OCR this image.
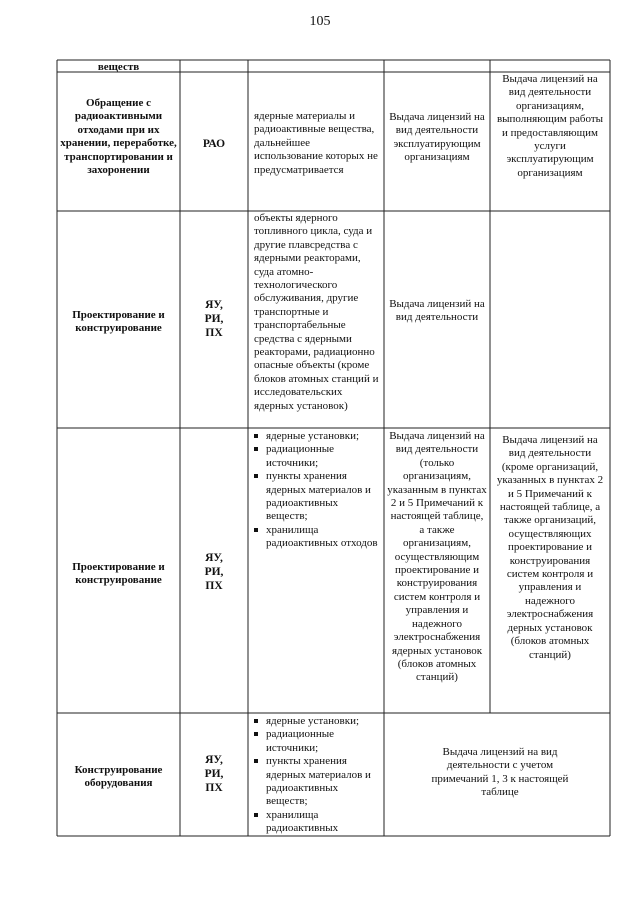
105
веществ
Обращение с радиоактивными отходами при их хранении, переработке, транспортировании и захоронении
РАО
ядерные материалы и радиоактивные вещества, дальнейшее использование которых не предусматривается
Выдача лицензий на вид деятельности эксплуатирующим организациям
Выдача лицензий на вид деятельности организациям, выполняющим работы и предоставляющим услуги эксплуатирующим организациям
Проектирование и конструирование
ЯУ,
РИ,
ПХ
объекты ядерного топливного цикла, суда и другие плавсредства с ядерными реакторами, суда атомно-технологического обслуживания, другие транспортные и транспортабельные средства с ядерными реакторами, радиационно опасные объекты (кроме блоков атомных станций и исследовательских ядерных установок)
Выдача лицензий на вид деятельности
Проектирование и конструирование
ЯУ,
РИ,
ПХ
ядерные установки;
радиационные источники;
пункты хранения ядерных материалов и радиоактивных веществ;
хранилища радиоактивных отходов
Выдача лицензий на вид деятельности (только организациям, указанным в пунктах 2 и 5 Примечаний к настоящей таблице, а также организациям, осуществляющим проектирование и конструирования систем контроля и управления и надежного электроснабжения ядерных установок (блоков атомных станций)
Выдача лицензий на вид деятельности (кроме организаций, указанных в пунктах 2 и 5 Примечаний к настоящей таблице, а также организаций, осуществляющих проектирование и конструирования систем контроля и управления и надежного электроснабжения дерных установок (блоков атомных станций)
Конструирование оборудования
ЯУ,
РИ,
ПХ
ядерные установки;
радиационные источники;
пункты хранения ядерных материалов и радиоактивных веществ;
хранилища радиоактивных
Выдача лицензий на вид деятельности с учетом примечаний 1, 3 к настоящей таблице
